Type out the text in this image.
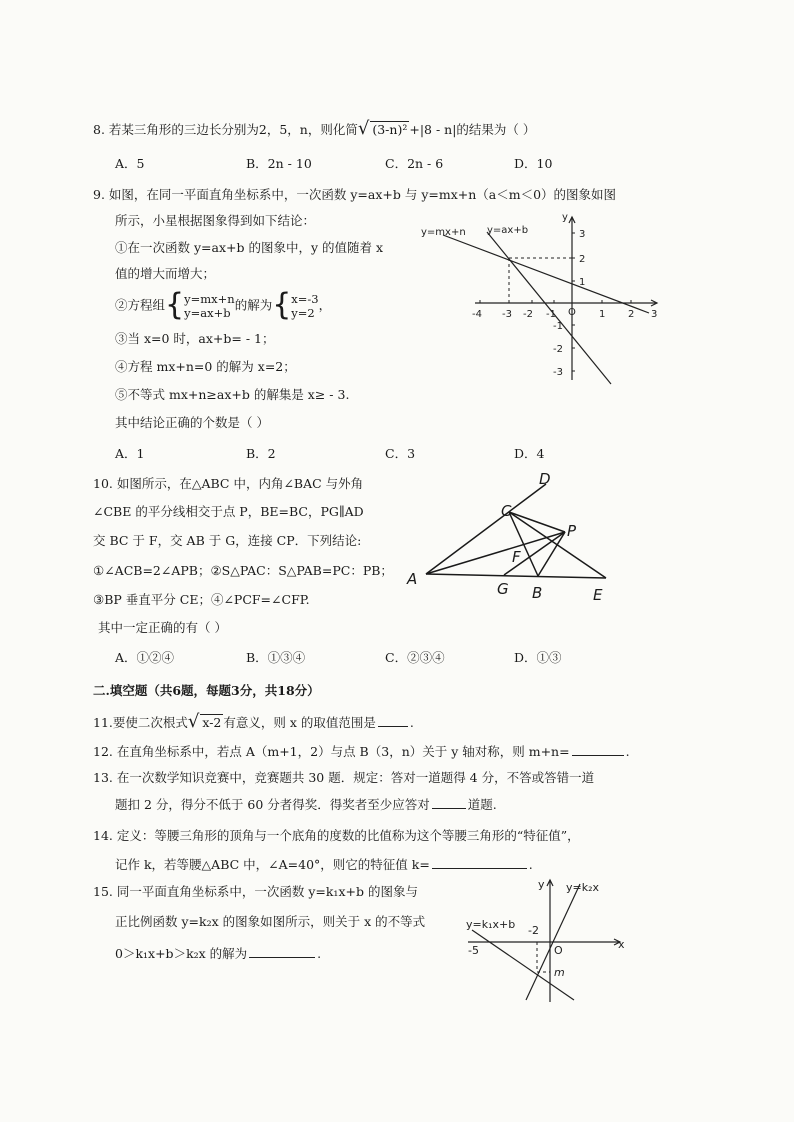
8. 若某三角形的三边长分别为2，5，n，则化简√ (3-n)² +|8 - n|的结果为（ ）
A．5	B．2n - 10	C．2n - 6	D．10
9. 如图，在同一平面直角坐标系中，一次函数 y=ax+b 与 y=mx+n（a＜m＜0）的图象如图
所示，小星根据图象得到如下结论：
①在一次函数 y=ax+b 的图象中，y 的值随着 x
值的增大而增大；
②方程组{y=mx+n
y=ax+b 的解为{x=-3
y=2 ，
③当 x=0 时，ax+b= - 1；
④方程 mx+n=0 的解为 x=2；
⑤不等式 mx+n≥ax+b 的解集是 x≥ - 3.
其中结论正确的个数是（ ）
A．1	B．2	C．3	D．4
y=mx+n y=ax+b
y
O
-4 -3 -2 -1	1 2 3
3
2
1
-1
-2
-3
10. 如图所示，在△ABC 中，内角∠BAC 与外角
∠CBE 的平分线相交于点 P，BE=BC，PG∥AD
交 BC 于 F，交 AB 于 G，连接 CP．下列结论:
①∠ACB=2∠APB；②S△PAC：S△PAB=PC：PB；
③BP 垂直平分 CE；④∠PCF=∠CFP.
其中一定正确的有（ ）
A．①②④	B．①③④	C．②③④	D．①③
D
C
P
F
A
G B	E
二.填空题（共6题，每题3分，共18分）
11.要使二次根式√ x-2 有意义，则 x 的取值范围是	.
12. 在直角坐标系中，若点 A（m+1，2）与点 B（3，n）关于 y 轴对称，则 m+n=	.
13. 在一次数学知识竞赛中，竞赛题共 30 题．规定：答对一道题得 4 分，不答或答错一道
题扣 2 分，得分不低于 60 分者得奖．得奖者至少应答对	道题.
14. 定义：等腰三角形的顶角与一个底角的度数的比值称为这个等腰三角形的“特征值”，
记作 k，若等腰△ABC 中，∠A=40°，则它的特征值 k=	.
15. 同一平面直角坐标系中，一次函数 y=k₁x+b 的图象与
正比例函数 y=k₂x 的图象如图所示，则关于 x 的不等式
0＞k₁x+b＞k₂x 的解为	.
y y=k₂x
y=k₁x+b -2
O	x
-5
m
